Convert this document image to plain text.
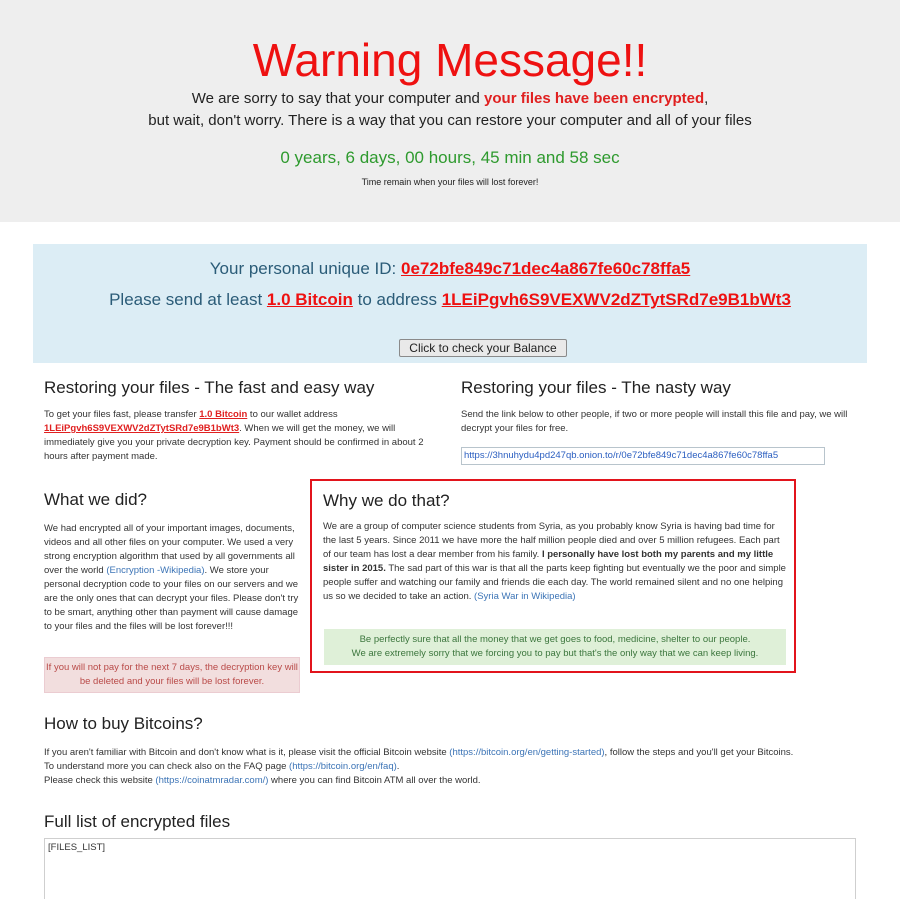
Warning Message!!
We are sorry to say that your computer and your files have been encrypted,
but wait, don't worry. There is a way that you can restore your computer and all of your files
0 years, 6 days, 00 hours, 45 min and 58 sec
Time remain when your files will lost forever!
Your personal unique ID: 0e72bfe849c71dec4a867fe60c78ffa5
Please send at least 1.0 Bitcoin to address 1LEiPgvh6S9VEXWV2dZTytSRd7e9B1bWt3
Click to check your Balance
Restoring your files - The fast and easy way

To get your files fast, please transfer 1.0 Bitcoin to our wallet address 1LEiPgvh6S9VEXWV2dZTytSRd7e9B1bWt3. When we will get the money, we will immediately give you your private decryption key. Payment should be confirmed in about 2 hours after payment made.

Restoring your files - The nasty way

Send the link below to other people, if two or more people will install this file and pay, we will decrypt your files for free.

https://3hnuhydu4pd247qb.onion.to/r/0e72bfe849c71dec4a867fe60c78ffa5
What we did?

We had encrypted all of your important images, documents, videos and all other files on your computer. We used a very strong encryption algorithm that used by all governments all over the world (Encryption -Wikipedia). We store your personal decryption code to your files on our servers and we are the only ones that can decrypt your files. Please don't try to be smart, anything other than payment will cause damage to your files and the files will be lost forever!!!

If you will not pay for the next 7 days, the decryption key will be deleted and your files will be lost forever.
Why we do that?

We are a group of computer science students from Syria, as you probably know Syria is having bad time for the last 5 years. Since 2011 we have more the half million people died and over 5 million refugees. Each part of our team has lost a dear member from his family. I personally have lost both my parents and my little sister in 2015. The sad part of this war is that all the parts keep fighting but eventually we the poor and simple people suffer and watching our family and friends die each day. The world remained silent and no one helping us so we decided to take an action. (Syria War in Wikipedia)

Be perfectly sure that all the money that we get goes to food, medicine, shelter to our people.
We are extremely sorry that we forcing you to pay but that's the only way that we can keep living.
How to buy Bitcoins?
If you aren't familiar with Bitcoin and don't know what is it, please visit the official Bitcoin website (https://bitcoin.org/en/getting-started), follow the steps and you'll get your Bitcoins.
To understand more you can check also on the FAQ page (https://bitcoin.org/en/faq).
Please check this website (https://coinatmradar.com/) where you can find Bitcoin ATM all over the world.
Full list of encrypted files
[FILES_LIST]
